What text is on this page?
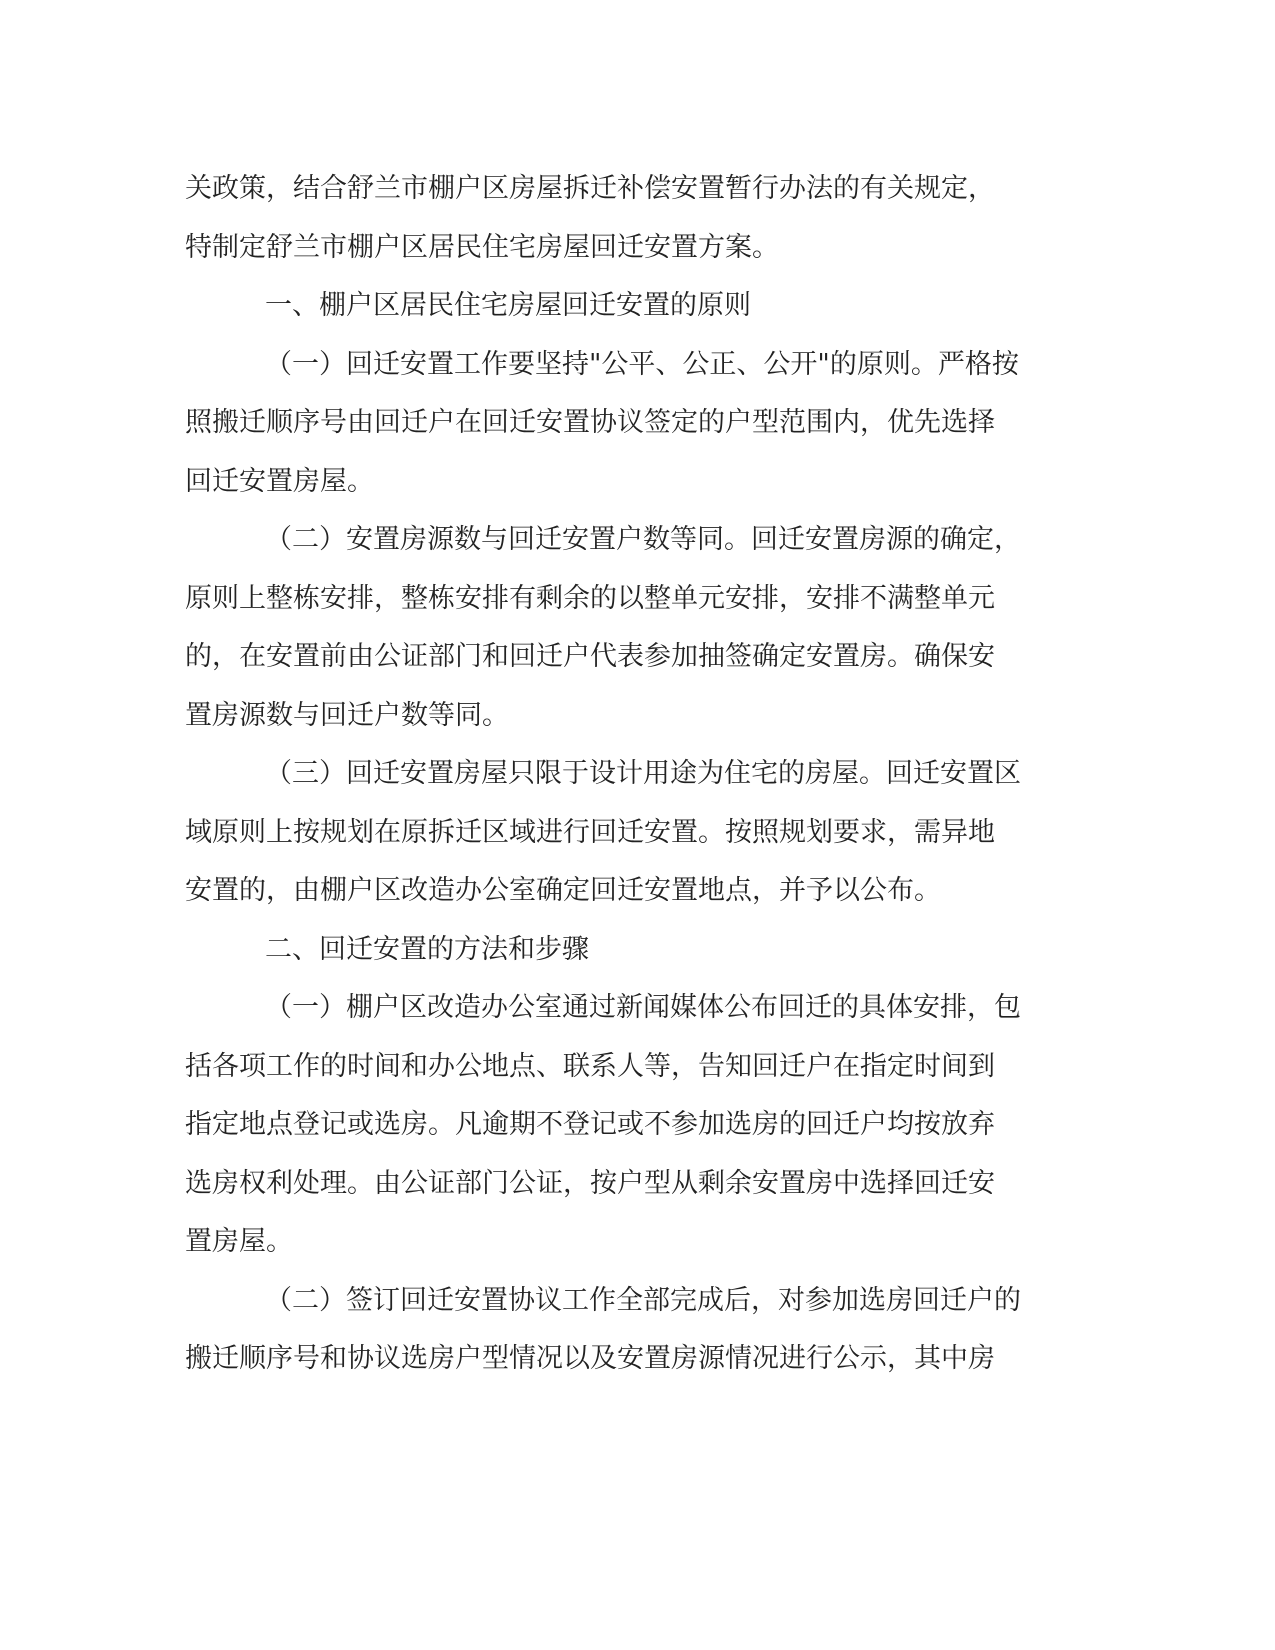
关政策，结合舒兰市棚户区房屋拆迁补偿安置暂行办法的有关规定，
特制定舒兰市棚户区居民住宅房屋回迁安置方案。
一、棚户区居民住宅房屋回迁安置的原则
（一）回迁安置工作要坚持"公平、公正、公开"的原则。严格按
照搬迁顺序号由回迁户在回迁安置协议签定的户型范围内，优先选择
回迁安置房屋。
（二）安置房源数与回迁安置户数等同。回迁安置房源的确定，
原则上整栋安排，整栋安排有剩余的以整单元安排，安排不满整单元
的，在安置前由公证部门和回迁户代表参加抽签确定安置房。确保安
置房源数与回迁户数等同。
（三）回迁安置房屋只限于设计用途为住宅的房屋。回迁安置区
域原则上按规划在原拆迁区域进行回迁安置。按照规划要求，需异地
安置的，由棚户区改造办公室确定回迁安置地点，并予以公布。
二、回迁安置的方法和步骤
（一）棚户区改造办公室通过新闻媒体公布回迁的具体安排，包
括各项工作的时间和办公地点、联系人等，告知回迁户在指定时间到
指定地点登记或选房。凡逾期不登记或不参加选房的回迁户均按放弃
选房权利处理。由公证部门公证，按户型从剩余安置房中选择回迁安
置房屋。
（二）签订回迁安置协议工作全部完成后，对参加选房回迁户的
搬迁顺序号和协议选房户型情况以及安置房源情况进行公示，其中房
